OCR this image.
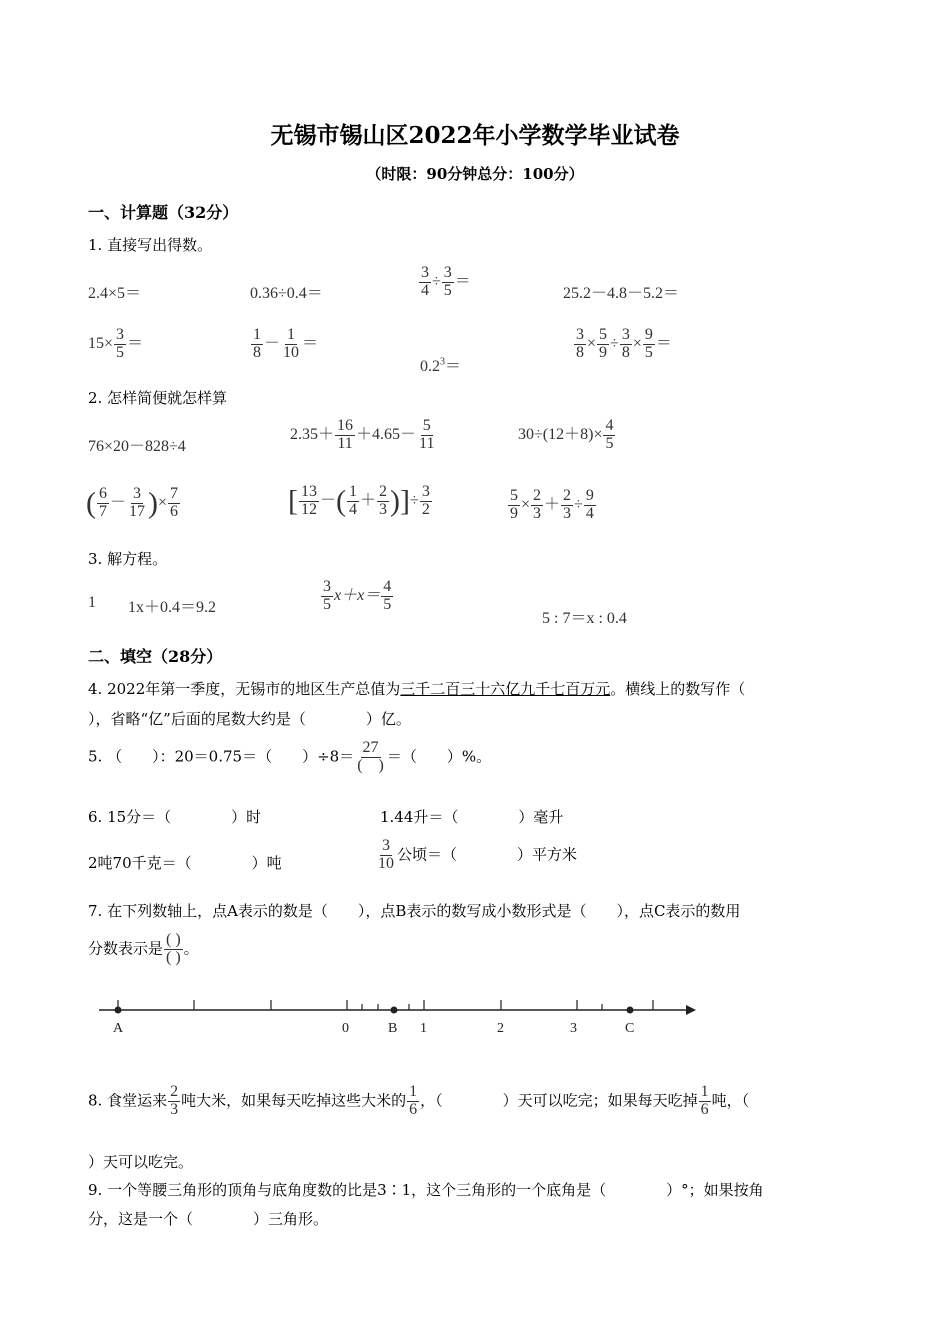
无锡市锡山区2022年小学数学毕业试卷
（时限：90分钟总分：100分）
一、计算题（32分）
1. 直接写出得数。
2.4×5＝	0.36÷0.4＝	$\frac{3}{4} \div \frac{3}{5}$ ＝
25.2－4.8－5.2＝
$15\times \frac{3}{5}$ ＝	$\frac{1}{8} - \frac{1}{10}$ ＝
$0.2^3=$
$\frac{3}{8} \times \frac{5}{9} \div \frac{3}{8} \times \frac{9}{5}$ ＝
2. 怎样简便就怎样算
76×20－828÷4
$2.35+ \frac{16}{11} +4.65- \frac{5}{11}$	$30\div(12+8)\times \frac{4}{5}$
( $\frac{6}{7} - \frac{3}{17}$ )× $\frac{7}{6}$	[ $\frac{13}{12}$ －( $\frac{1}{4} + \frac{2}{3}$ )]÷ $\frac{3}{2}$	$\frac{5}{9} \times \frac{2}{3} + \frac{2}{3} \div \frac{9}{4}$
3. 解方程。
1 1x＋0.4＝9.2	$\frac{3}{5} x+x= \frac{4}{5}$
5 : 7＝x : 0.4
二、填空（28分）
4. 2022年第一季度，无锡市的地区生产总值为三千二百三十六亿九千七百万元。横线上的数写作（
），省略“亿”后面的尾数大约是（　　　　）亿。
5. （　　）：20＝0.75＝（　　）$\div 8= \frac{27}{( )}$ ＝（　　）%。
6. 15分＝（　　　　）时	1.44升＝（　　　　）毫升
2吨70千克＝（　　　　）吨	$\frac{3}{10}$ 公顷＝（　　　　）平方米
7. 在下列数轴上，点A表示的数是（　　），点B表示的数写成小数形式是（　　），点C表示的数用
分数表示是 $\frac{( )}{( )}$ 。
A	0	B 1	2	3	C
8. 食堂运来 $\frac{2}{3}$ 吨大米，如果每天吃掉这些大米的 $\frac{1}{6}$ ，（　　　　）天可以吃完；如果每天吃掉 $\frac{1}{6}$ 吨，（
）天可以吃完。
9. 一个等腰三角形的顶角与底角度数的比是3∶1，这个三角形的一个底角是（　　　　）°；如果按角
分，这是一个（　　　　）三角形。
